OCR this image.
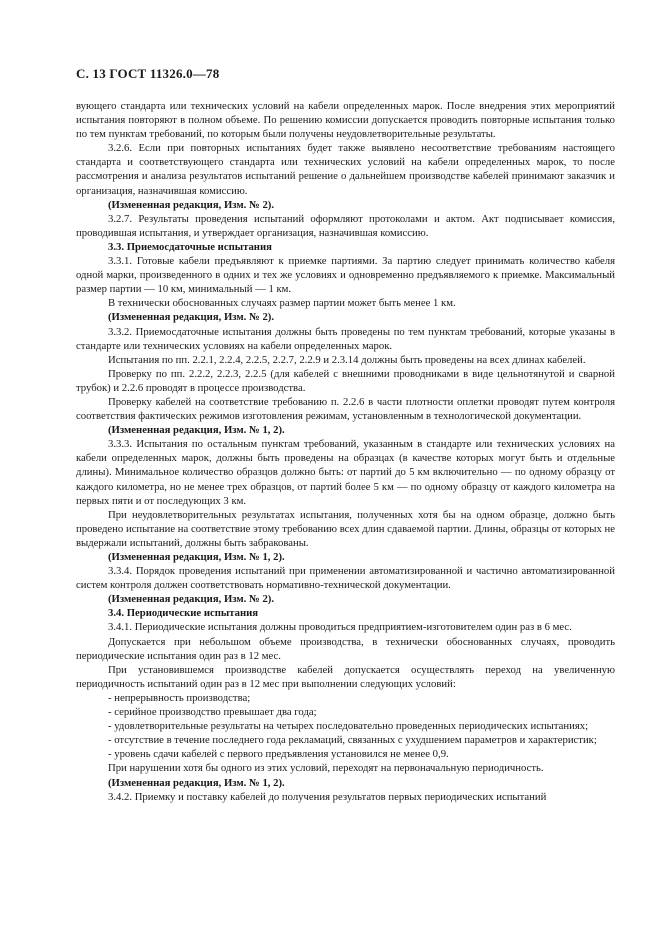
С. 13 ГОСТ 11326.0—78

вующего стандарта или технических условий на кабели определенных марок. После внедрения этих мероприятий испытания повторяют в полном объеме. По решению комиссии допускается проводить повторные испытания только по тем пунктам требований, по которым были получены неудовлетворительные результаты.

3.2.6. Если при повторных испытаниях будет также выявлено несоответствие требованиям настоящего стандарта и соответствующего стандарта или технических условий на кабели определенных марок, то после рассмотрения и анализа результатов испытаний решение о дальнейшем производстве кабелей принимают заказчик и организация, назначившая комиссию.

(Измененная редакция, Изм. № 2).

3.2.7. Результаты проведения испытаний оформляют протоколами и актом. Акт подписывает комиссия, проводившая испытания, и утверждает организация, назначившая комиссию.

3.3. Приемосдаточные испытания

3.3.1. Готовые кабели предъявляют к приемке партиями. За партию следует принимать количество кабеля одной марки, произведенного в одних и тех же условиях и одновременно предъявляемого к приемке. Максимальный размер партии — 10 км, минимальный — 1 км.

В технически обоснованных случаях размер партии может быть менее 1 км.

(Измененная редакция, Изм. № 2).

3.3.2. Приемосдаточные испытания должны быть проведены по тем пунктам требований, которые указаны в стандарте или технических условиях на кабели определенных марок.

Испытания по пп. 2.2.1, 2.2.4, 2.2.5, 2.2.7, 2.2.9 и 2.3.14 должны быть проведены на всех длинах кабелей.

Проверку по пп. 2.2.2, 2.2.3, 2.2.5 (для кабелей с внешними проводниками в виде цельнотянутой и сварной трубок) и 2.2.6 проводят в процессе производства.

Проверку кабелей на соответствие требованию п. 2.2.6 в части плотности оплетки проводят путем контроля соответствия фактических режимов изготовления режимам, установленным в технологической документации.

(Измененная редакция, Изм. № 1, 2).

3.3.3. Испытания по остальным пунктам требований, указанным в стандарте или технических условиях на кабели определенных марок, должны быть проведены на образцах (в качестве которых могут быть и отдельные длины). Минимальное количество образцов должно быть: от партий до 5 км включительно — по одному образцу от каждого километра, но не менее трех образцов, от партий более 5 км — по одному образцу от каждого километра на первых пяти и от последующих 3 км.

При неудовлетворительных результатах испытания, полученных хотя бы на одном образце, должно быть проведено испытание на соответствие этому требованию всех длин сдаваемой партии. Длины, образцы от которых не выдержали испытаний, должны быть забракованы.

(Измененная редакция, Изм. № 1, 2).

3.3.4. Порядок проведения испытаний при применении автоматизированной и частично автоматизированной систем контроля должен соответствовать нормативно-технической документации.

(Измененная редакция, Изм. № 2).

3.4. Периодические испытания

3.4.1. Периодические испытания должны проводиться предприятием-изготовителем один раз в 6 мес.

Допускается при небольшом объеме производства, в технически обоснованных случаях, проводить периодические испытания один раз в 12 мес.

При установившемся производстве кабелей допускается осуществлять переход на увеличенную периодичность испытаний один раз в 12 мес при выполнении следующих условий:

- непрерывность производства;

- серийное производство превышает два года;

- удовлетворительные результаты на четырех последовательно проведенных периодических испытаниях;

- отсутствие в течение последнего года рекламаций, связанных с ухудшением параметров и характеристик;

- уровень сдачи кабелей с первого предъявления установился не менее 0,9.

При нарушении хотя бы одного из этих условий, переходят на первоначальную периодичность.

(Измененная редакция, Изм. № 1, 2).

3.4.2. Приемку и поставку кабелей до получения результатов первых периодических испытаний
